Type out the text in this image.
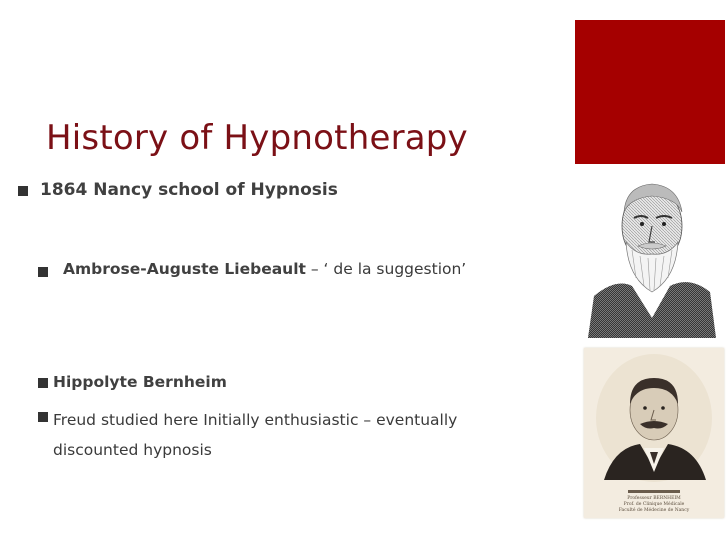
History of Hypnotherapy
1864 Nancy school of Hypnosis
Ambrose-Auguste Liebeault – ‘ de la suggestion’
Hippolyte Bernheim
Freud studied here Initially enthusiastic – eventually discounted hypnosis
Professeur BERNHEIM
Prof. de Clinique Médicale
Faculté de Médecine de Nancy
